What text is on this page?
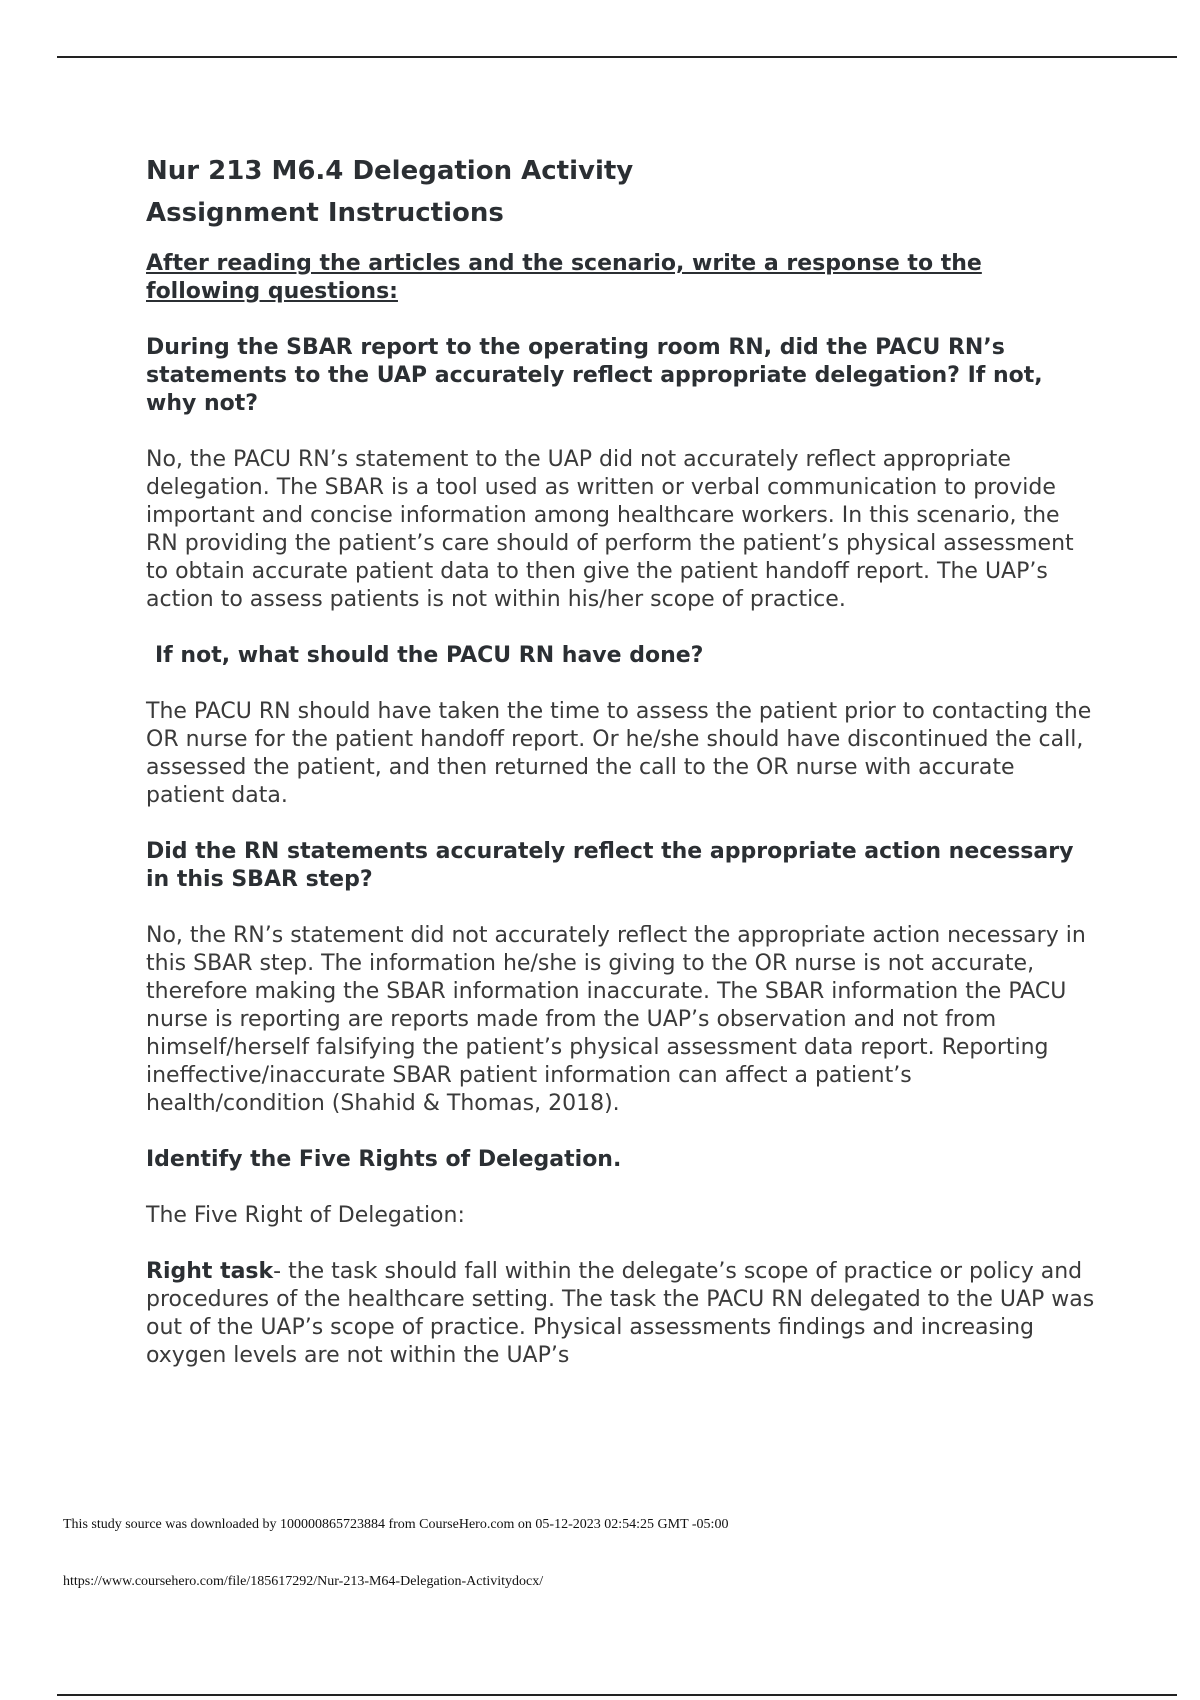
Nur 213 M6.4 Delegation Activity
Assignment Instructions

After reading the articles and the scenario, write a response to the following questions:

During the SBAR report to the operating room RN, did the PACU RN’s statements to the UAP accurately reflect appropriate delegation? If not, why not?

No, the PACU RN’s statement to the UAP did not accurately reflect appropriate delegation. The SBAR is a tool used as written or verbal communication to provide important and concise information among healthcare workers. In this scenario, the RN providing the patient’s care should of perform the patient’s physical assessment to obtain accurate patient data to then give the patient handoff report. The UAP’s action to assess patients is not within his/her scope of practice.

If not, what should the PACU RN have done?

The PACU RN should have taken the time to assess the patient prior to contacting the OR nurse for the patient handoff report. Or he/she should have discontinued the call, assessed the patient, and then returned the call to the OR nurse with accurate patient data.

Did the RN statements accurately reflect the appropriate action necessary in this SBAR step?

No, the RN’s statement did not accurately reflect the appropriate action necessary in this SBAR step. The information he/she is giving to the OR nurse is not accurate, therefore making the SBAR information inaccurate. The SBAR information the PACU nurse is reporting are reports made from the UAP’s observation and not from himself/herself falsifying the patient’s physical assessment data report. Reporting ineffective/inaccurate SBAR patient information can affect a patient’s health/condition (Shahid & Thomas, 2018).

Identify the Five Rights of Delegation.

The Five Right of Delegation:

Right task- the task should fall within the delegate’s scope of practice or policy and procedures of the healthcare setting. The task the PACU RN delegated to the UAP was out of the UAP’s scope of practice. Physical assessments findings and increasing oxygen levels are not within the UAP’s

This study source was downloaded by 100000865723884 from CourseHero.com on 05-12-2023 02:54:25 GMT -05:00
https://www.coursehero.com/file/185617292/Nur-213-M64-Delegation-Activitydocx/
